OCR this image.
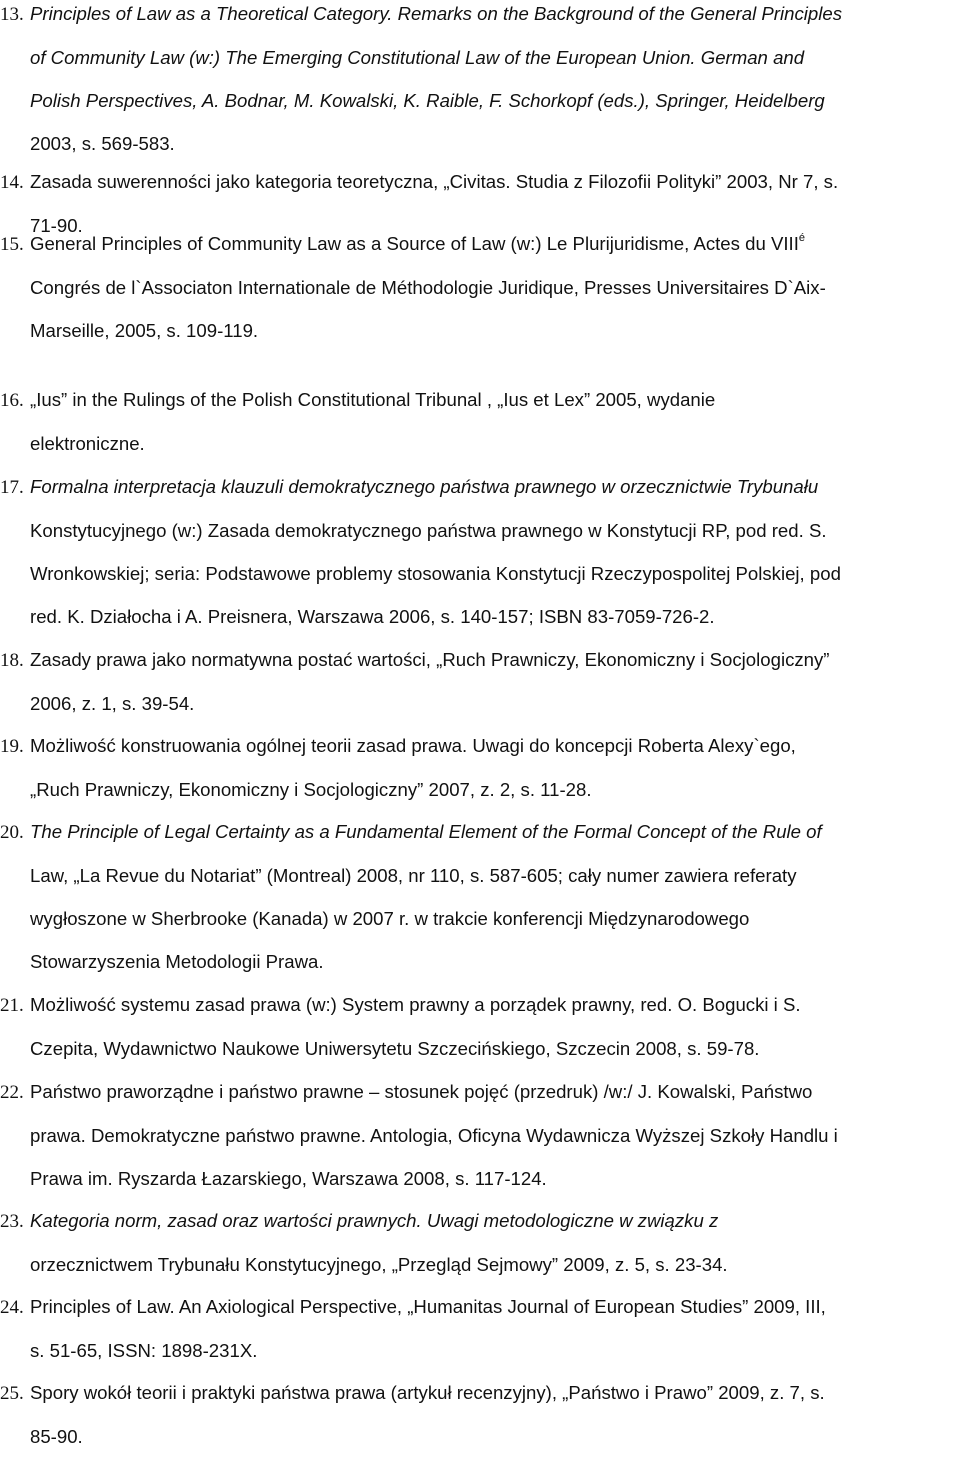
13. Principles of Law as a Theoretical Category. Remarks on the Background of the General Principles
of Community Law (w:) The Emerging Constitutional Law of the European Union. German and
Polish Perspectives, A. Bodnar, M. Kowalski, K. Raible, F. Schorkopf (eds.), Springer, Heidelberg
2003, s. 569-583.
14. Zasada suwerenności jako kategoria teoretyczna, „Civitas. Studia z Filozofii Polityki” 2003, Nr 7, s.
71-90.
15. General Principles of Community Law as a Source of Law (w:) Le Plurijuridisme, Actes du $VIII^é$
Congrés de l`Associaton Internationale de Méthodologie Juridique, Presses Universitaires D`Aix-
Marseille, 2005, s. 109-119.
16. „Ius” in the Rulings of the Polish Constitutional Tribunal , „Ius et Lex” 2005, wydanie
elektroniczne.
17. Formalna interpretacja klauzuli demokratycznego państwa prawnego w orzecznictwie Trybunału
Konstytucyjnego (w:) Zasada demokratycznego państwa prawnego w Konstytucji RP, pod red. S.
Wronkowskiej; seria: Podstawowe problemy stosowania Konstytucji Rzeczypospolitej Polskiej, pod
red. K. Działocha i A. Preisnera, Warszawa 2006, s. 140-157; ISBN 83-7059-726-2.
18. Zasady prawa jako normatywna postać wartości, „Ruch Prawniczy, Ekonomiczny i Socjologiczny”
2006, z. 1, s. 39-54.
19. Możliwość konstruowania ogólnej teorii zasad prawa. Uwagi do koncepcji Roberta Alexy`ego,
„Ruch Prawniczy, Ekonomiczny i Socjologiczny” 2007, z. 2, s. 11-28.
20. The Principle of Legal Certainty as a Fundamental Element of the Formal Concept of the Rule of
Law, „La Revue du Notariat” (Montreal) 2008, nr 110, s. 587-605; cały numer zawiera referaty
wygłoszone w Sherbrooke (Kanada) w 2007 r. w trakcie konferencji Międzynarodowego
Stowarzyszenia Metodologii Prawa.
21. Możliwość systemu zasad prawa (w:) System prawny a porządek prawny, red. O. Bogucki i S.
Czepita, Wydawnictwo Naukowe Uniwersytetu Szczecińskiego, Szczecin 2008, s. 59-78.
22. Państwo praworządne i państwo prawne – stosunek pojęć (przedruk) /w:/ J. Kowalski, Państwo
prawa. Demokratyczne państwo prawne. Antologia, Oficyna Wydawnicza Wyższej Szkoły Handlu i
Prawa im. Ryszarda Łazarskiego, Warszawa 2008, s. 117-124.
23. Kategoria norm, zasad oraz wartości prawnych. Uwagi metodologiczne w związku z
orzecznictwem Trybunału Konstytucyjnego, „Przegląd Sejmowy” 2009, z. 5, s. 23-34.
24. Principles of Law. An Axiological Perspective, „Humanitas Journal of European Studies” 2009, III,
s. 51-65, ISSN: 1898-231X.
25. Spory wokół teorii i praktyki państwa prawa (artykuł recenzyjny), „Państwo i Prawo” 2009, z. 7, s.
85-90.
